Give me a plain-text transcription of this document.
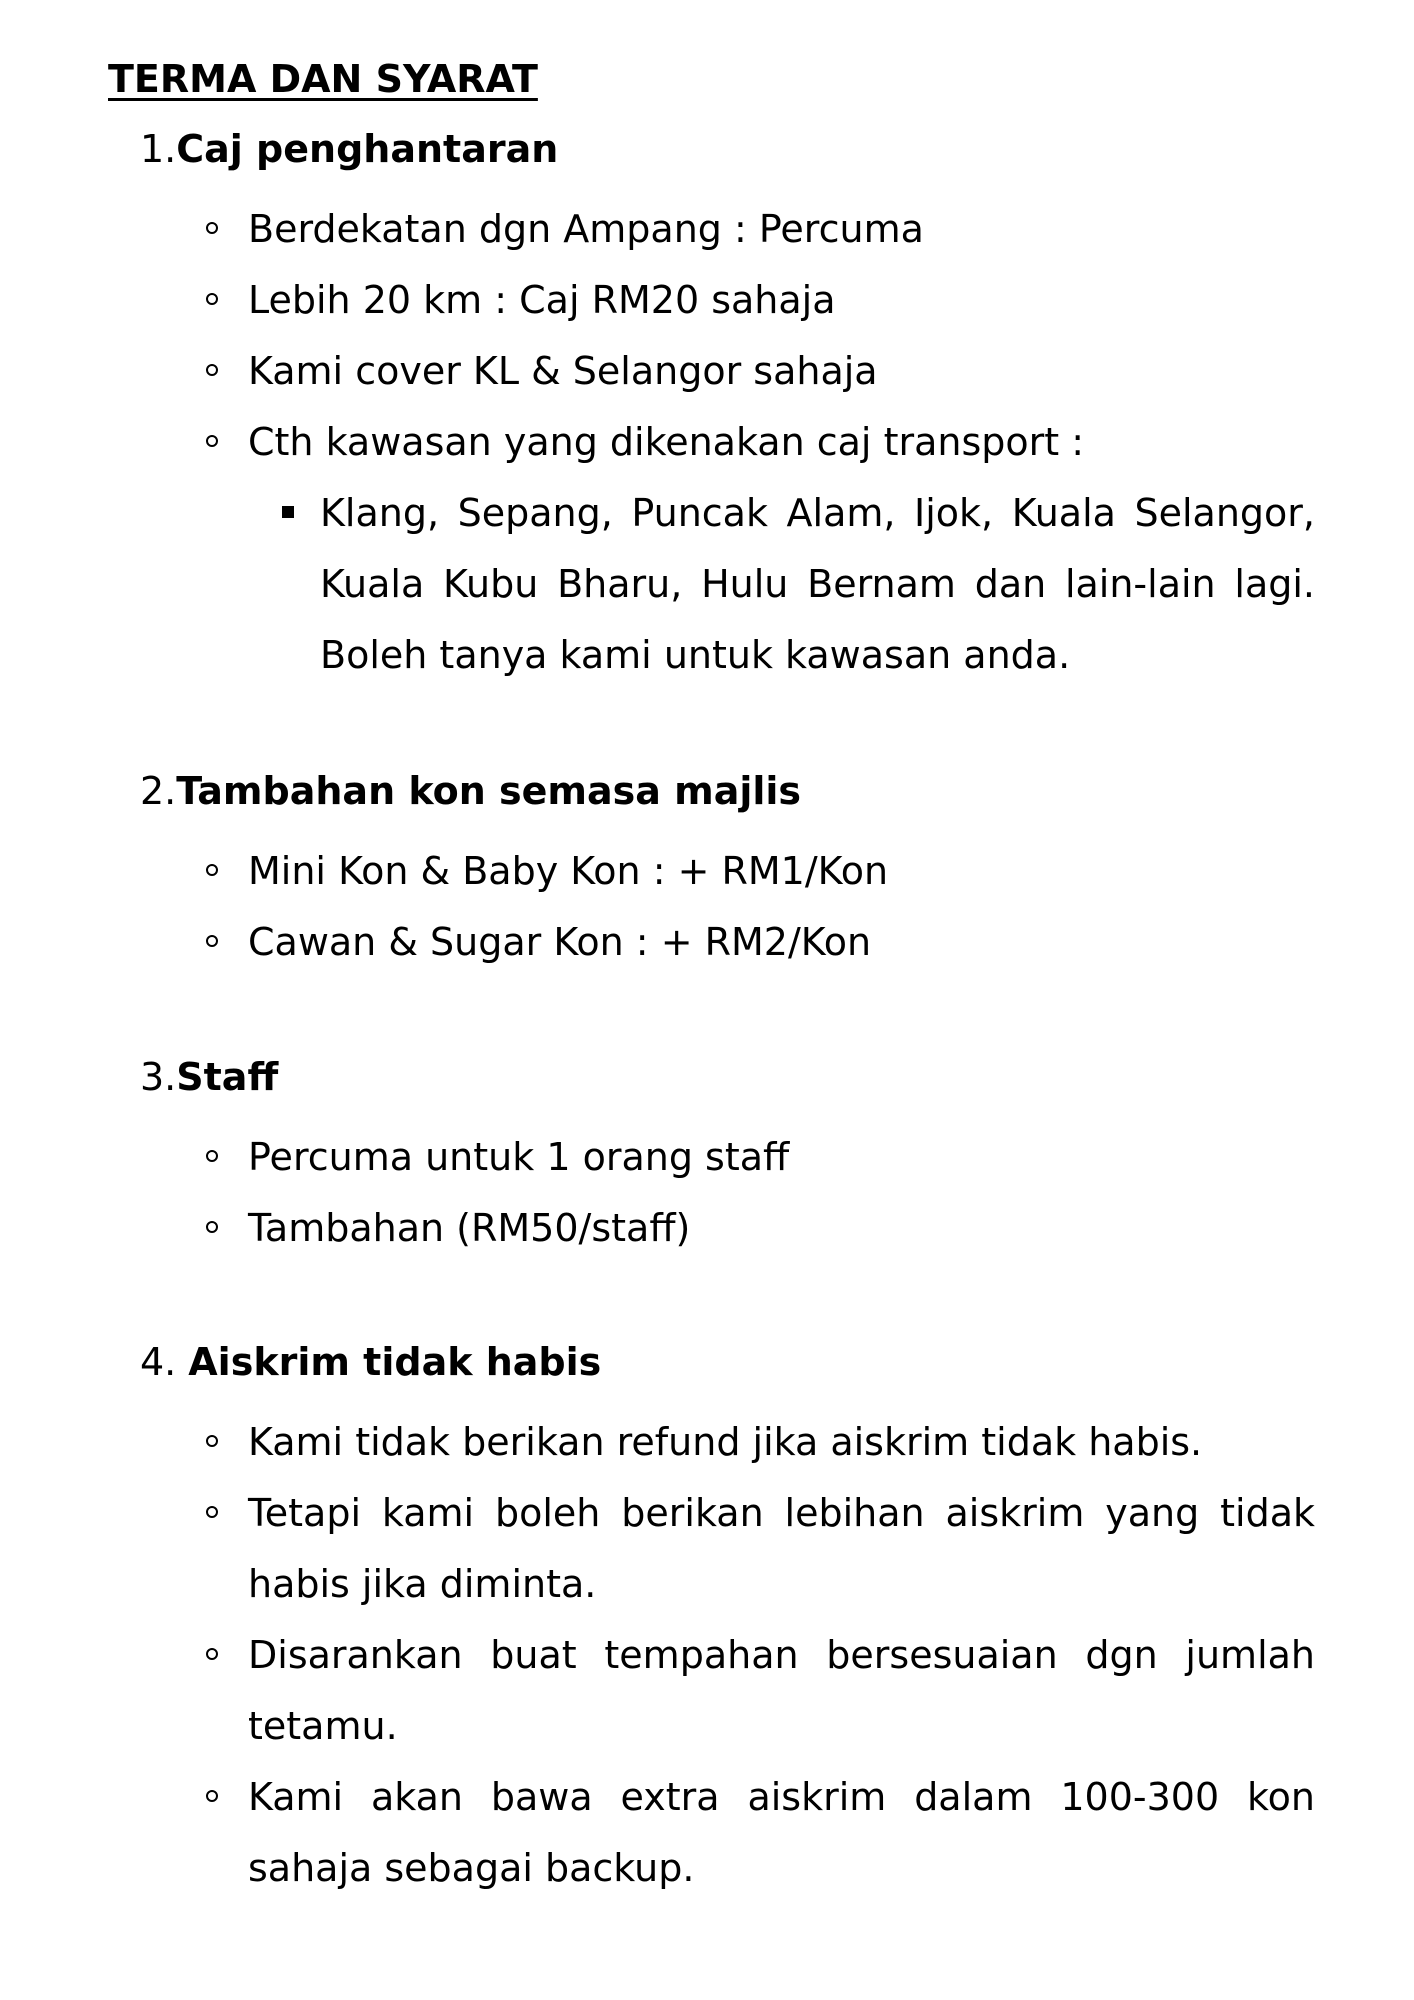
TERMA DAN SYARAT
1. Caj penghantaran
Berdekatan dgn Ampang : Percuma
Lebih 20 km : Caj RM20 sahaja
Kami cover KL & Selangor sahaja
Cth kawasan yang dikenakan caj transport :
Klang, Sepang, Puncak Alam, Ijok, Kuala Selangor, Kuala Kubu Bharu, Hulu Bernam dan lain-lain lagi. Boleh tanya kami untuk kawasan anda.
2. Tambahan kon semasa majlis
Mini Kon & Baby Kon : + RM1/Kon
Cawan & Sugar Kon : + RM2/Kon
3. Staff
Percuma untuk 1 orang staff
Tambahan (RM50/staff)
4. Aiskrim tidak habis
Kami tidak berikan refund jika aiskrim tidak habis.
Tetapi kami boleh berikan lebihan aiskrim yang tidak habis jika diminta.
Disarankan buat tempahan bersesuaian dgn jumlah tetamu.
Kami akan bawa extra aiskrim dalam 100-300 kon sahaja sebagai backup.
